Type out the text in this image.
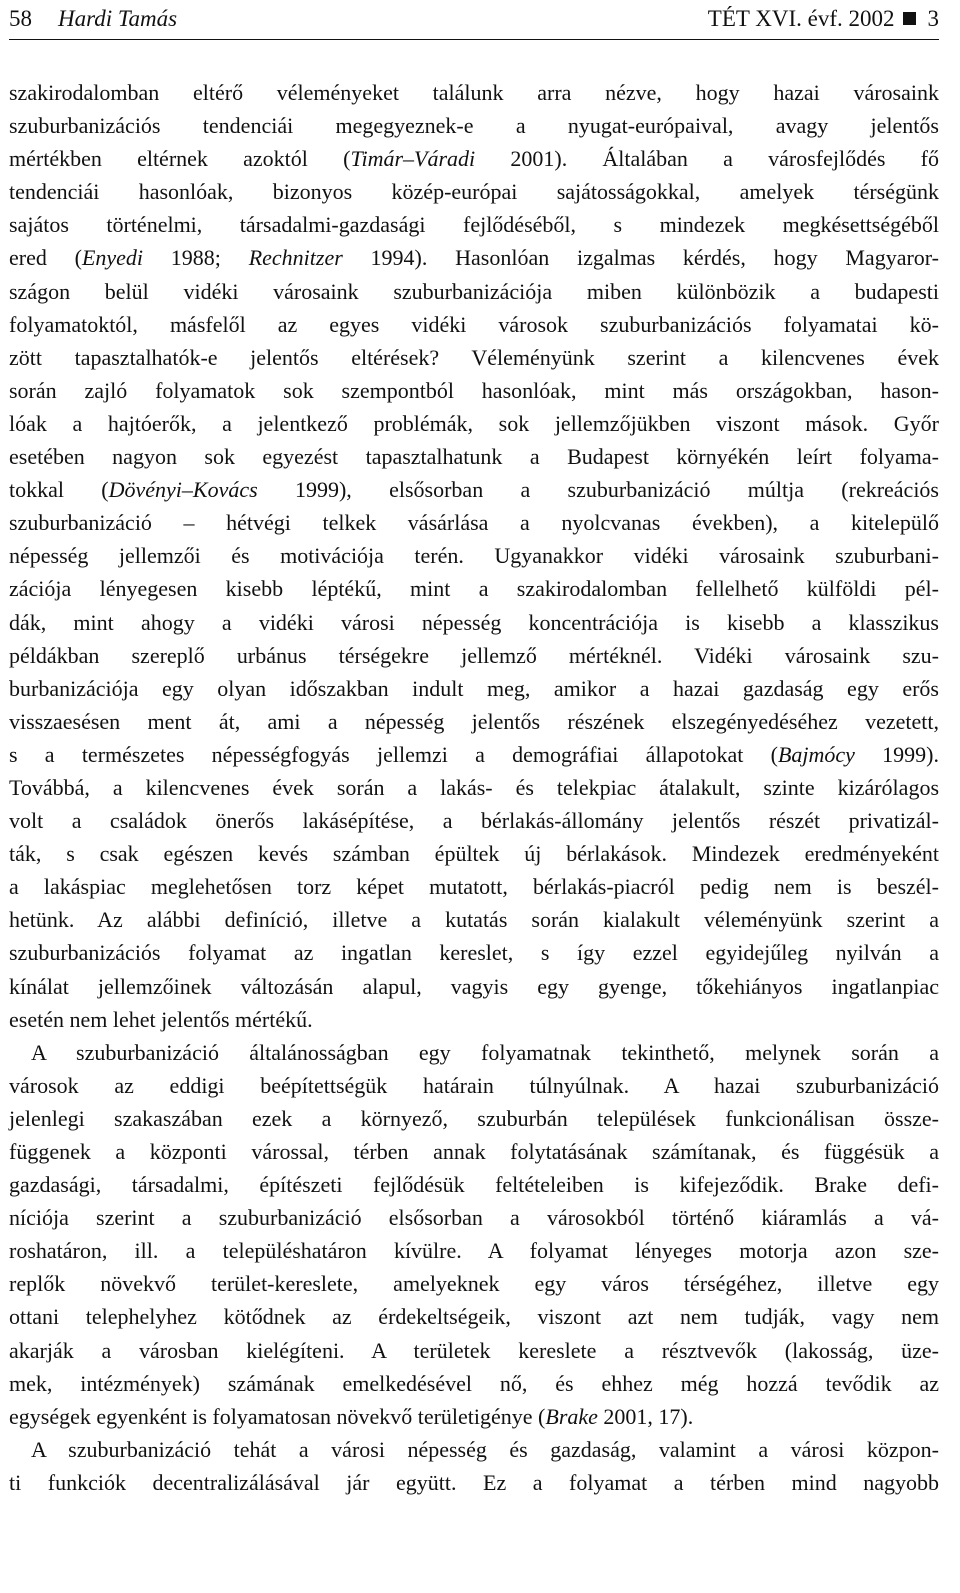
58 Hardi Tamás	TÉT XVI. évf. 2002 3
szakirodalomban eltérő véleményeket találunk arra nézve, hogy hazai városaink
szuburbanizációs tendenciái megegyeznek-e a nyugat-európaival, avagy jelentős
mértékben eltérnek azoktól (Timár–Váradi 2001). Általában a városfejlődés fő
tendenciái hasonlóak, bizonyos közép-európai sajátosságokkal, amelyek térségünk
sajátos történelmi, társadalmi-gazdasági fejlődéséből, s mindezek megkésettségéből
ered (Enyedi 1988; Rechnitzer 1994). Hasonlóan izgalmas kérdés, hogy Magyaror-
szágon belül vidéki városaink szuburbanizációja miben különbözik a budapesti
folyamatoktól, másfelől az egyes vidéki városok szuburbanizációs folyamatai kö-
zött tapasztalhatók-e jelentős eltérések? Véleményünk szerint a kilencvenes évek
során zajló folyamatok sok szempontból hasonlóak, mint más országokban, hason-
lóak a hajtóerők, a jelentkező problémák, sok jellemzőjükben viszont mások. Győr
esetében nagyon sok egyezést tapasztalhatunk a Budapest környékén leírt folyama-
tokkal (Dövényi–Kovács 1999), elsősorban a szuburbanizáció múltja (rekreációs
szuburbanizáció – hétvégi telkek vásárlása a nyolcvanas években), a kitelepülő
népesség jellemzői és motivációja terén. Ugyanakkor vidéki városaink szuburbani-
zációja lényegesen kisebb léptékű, mint a szakirodalomban fellelhető külföldi pél-
dák, mint ahogy a vidéki városi népesség koncentrációja is kisebb a klasszikus
példákban szereplő urbánus térségekre jellemző mértéknél. Vidéki városaink szu-
burbanizációja egy olyan időszakban indult meg, amikor a hazai gazdaság egy erős
visszaesésen ment át, ami a népesség jelentős részének elszegényedéséhez vezetett,
s a természetes népességfogyás jellemzi a demográfiai állapotokat (Bajmócy 1999).
Továbbá, a kilencvenes évek során a lakás- és telekpiac átalakult, szinte kizárólagos
volt a családok önerős lakásépítése, a bérlakás-állomány jelentős részét privatizál-
ták, s csak egészen kevés számban épültek új bérlakások. Mindezek eredményeként
a lakáspiac meglehetősen torz képet mutatott, bérlakás-piacról pedig nem is beszél-
hetünk. Az alábbi definíció, illetve a kutatás során kialakult véleményünk szerint a
szuburbanizációs folyamat az ingatlan kereslet, s így ezzel egyidejűleg nyilván a
kínálat jellemzőinek változásán alapul, vagyis egy gyenge, tőkehiányos ingatlanpiac
esetén nem lehet jelentős mértékű.
A szuburbanizáció általánosságban egy folyamatnak tekinthető, melynek során a
városok az eddigi beépítettségük határain túlnyúlnak. A hazai szuburbanizáció
jelenlegi szakaszában ezek a környező, szuburbán települések funkcionálisan össze-
függenek a központi várossal, térben annak folytatásának számítanak, és függésük a
gazdasági, társadalmi, építészeti fejlődésük feltételeiben is kifejeződik. Brake defi-
níciója szerint a szuburbanizáció elsősorban a városokból történő kiáramlás a vá-
roshatáron, ill. a településhatáron kívülre. A folyamat lényeges motorja azon sze-
replők növekvő terület-kereslete, amelyeknek egy város térségéhez, illetve egy
ottani telephelyhez kötődnek az érdekeltségeik, viszont azt nem tudják, vagy nem
akarják a városban kielégíteni. A területek kereslete a résztvevők (lakosság, üze-
mek, intézmények) számának emelkedésével nő, és ehhez még hozzá tevődik az
egységek egyenként is folyamatosan növekvő területigénye (Brake 2001, 17).
A szuburbanizáció tehát a városi népesség és gazdaság, valamint a városi közpon-
ti funkciók decentralizálásával jár együtt. Ez a folyamat a térben mind nagyobb
